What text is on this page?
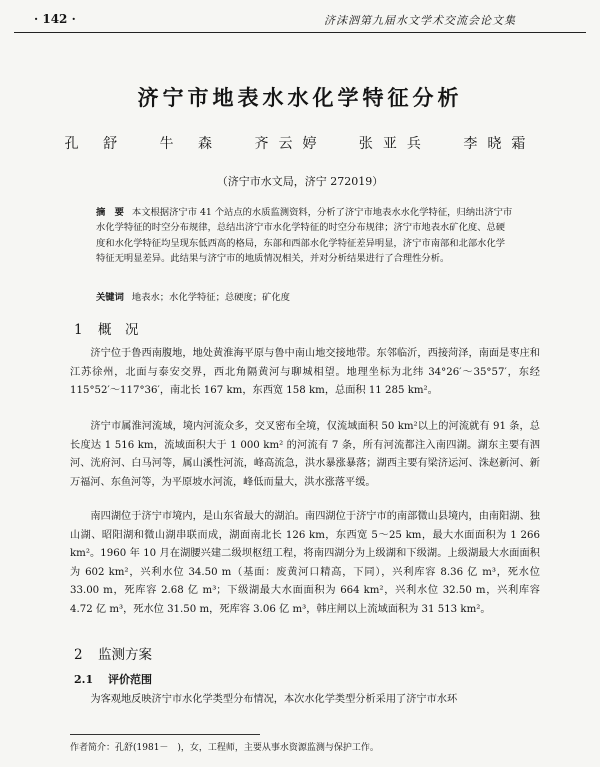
· 142 ·	济沫泗第九届水文学术交流会论文集
济宁市地表水水化学特征分析
孔 舒 牛 森 齐云婷 张亚兵 李晓霜
（济宁市水文局，济宁 272019）
摘　要 本文根据济宁市 41 个站点的水质监测资料，分析了济宁市地表水水化学特征，归纳出济宁市水化学特征的时空分布规律，总结出济宁市水化学特征的时空分布规律；济宁市地表水矿化度、总硬度和水化学特征均呈现东低西高的格局，东部和西部水化学特征差异明显，济宁市南部和北部水化学特征无明显差异。此结果与济宁市的地质情况相关，并对分析结果进行了合理性分析。
关键词 地表水；水化学特征；总硬度；矿化度
1 概　况

济宁位于鲁西南腹地，地处黄淮海平原与鲁中南山地交接地带。东邻临沂，西接菏泽，南面是枣庄和江苏徐州，北面与泰安交界，西北角隔黄河与聊城相望。地理坐标为北纬 34°26′～35°57′，东经 115°52′～117°36′，南北长 167 km，东西宽 158 km，总面积 11 285 km²。

济宁市属淮河流域，境内河流众多，交叉密布全境，仅流域面积 50 km²以上的河流就有 91 条，总长度达 1 516 km，流域面积大于 1 000 km² 的河流有 7 条，所有河流都注入南四湖。湖东主要有泗河、洸府河、白马河等，属山溪性河流，峰高流急，洪水暴涨暴落；湖西主要有梁济运河、洙赵新河、新万福河、东鱼河等，为平原坡水河流，峰低而量大，洪水涨落平缓。

南四湖位于济宁市境内，是山东省最大的湖泊。南四湖位于济宁市的南部微山县境内，由南阳湖、独山湖、昭阳湖和微山湖串联而成，湖面南北长 126 km，东西宽 5～25 km，最大水面面积为 1 266 km²。1960 年 10 月在湖腰兴建二级坝枢纽工程，将南四湖分为上级湖和下级湖。上级湖最大水面面积为 602 km²，兴利水位 34.50 m（基面：废黄河口精高，下同），兴利库容 8.36 亿 m³，死水位 33.00 m，死库容 2.68 亿 m³；下级湖最大水面面积为 664 km²，兴利水位 32.50 m，兴利库容 4.72 亿 m³，死水位 31.50 m，死库容 3.06 亿 m³，韩庄闸以上流域面积为 31 513 km²。

2 监测方案
2.1 评价范围

为客观地反映济宁市水化学类型分布情况，本次水化学类型分析采用了济宁市水环

作者简介：孔舒(1981－　)，女，工程师，主要从事水资源监测与保护工作。
